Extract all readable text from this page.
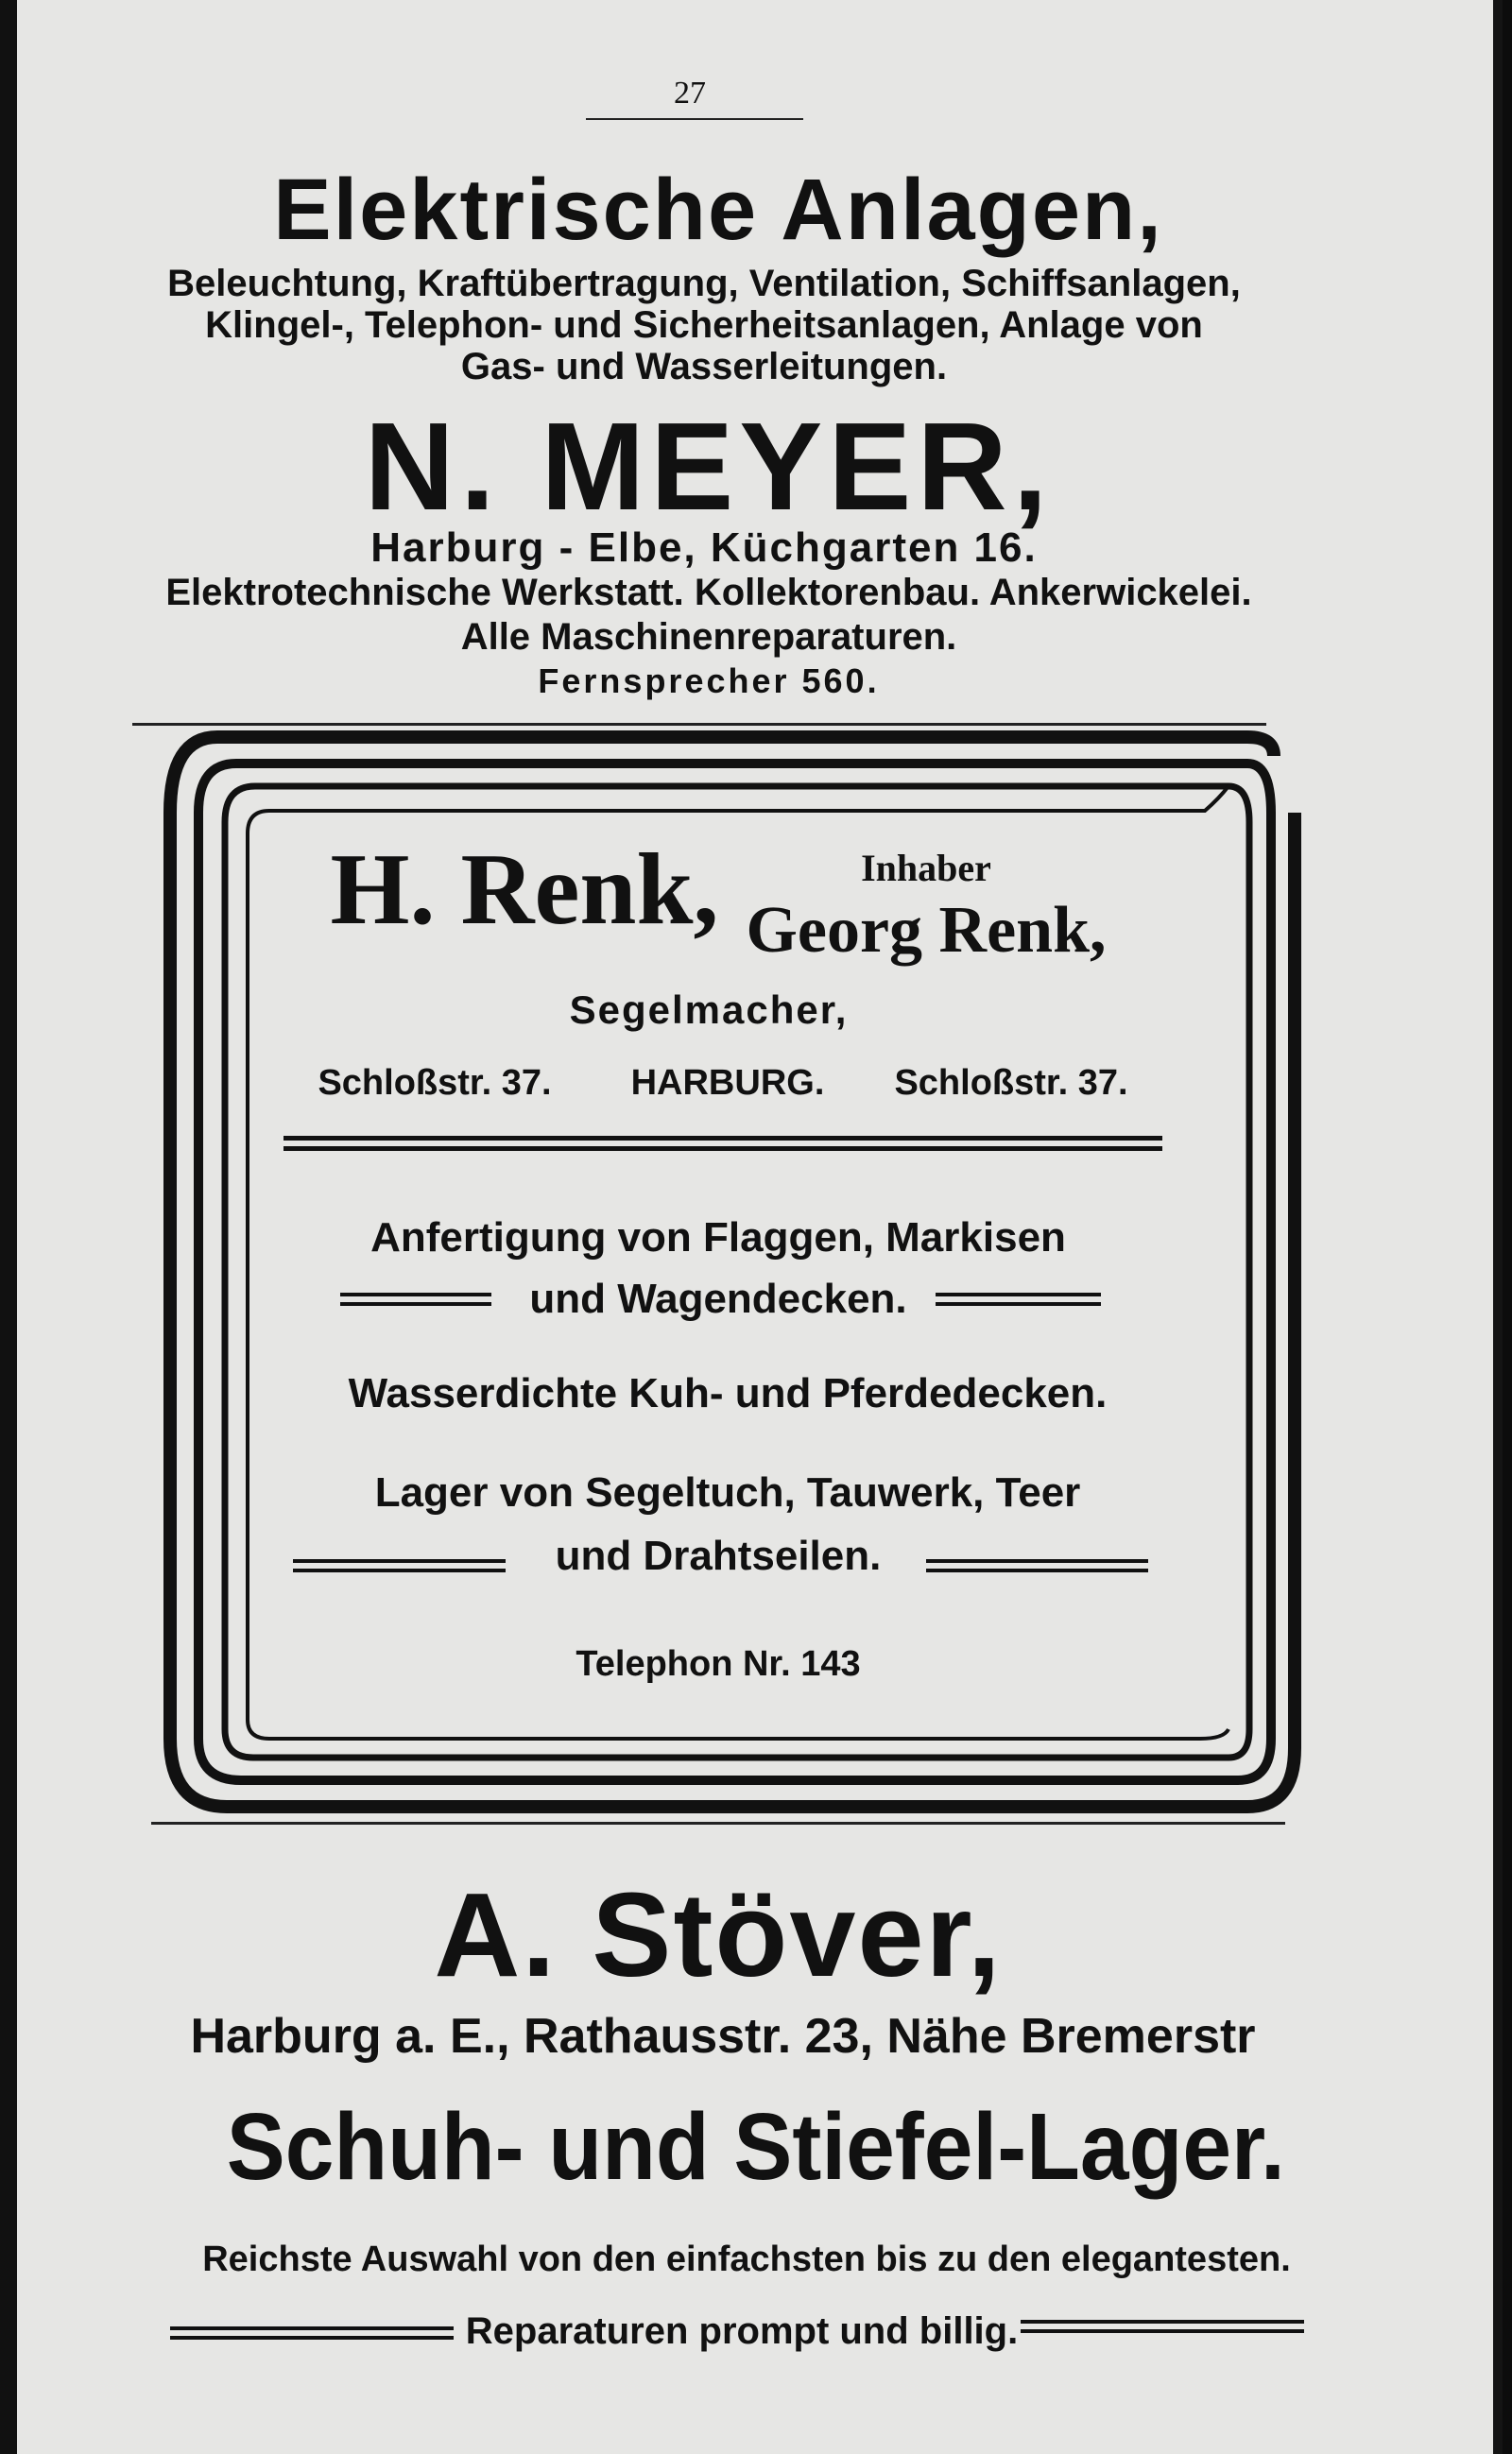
27
Elektrische Anlagen,
Beleuchtung, Kraftübertragung, Ventilation, Schiffsanlagen,
Klingel-, Telephon- und Sicherheitsanlagen, Anlage von
Gas- und Wasserleitungen.
N. MEYER,
Harburg - Elbe, Küchgarten 16.
Elektrotechnische Werkstatt. Kollektorenbau. Ankerwickelei.
Alle Maschinenreparaturen.
Fernsprecher 560.
H. Renk,	Inhaber
Georg Renk,
Segelmacher,
Schloßstr. 37.	HARBURG.	Schloßstr. 37.
Anfertigung von Flaggen, Markisen
und Wagendecken.
Wasserdichte Kuh- und Pferdedecken.
Lager von Segeltuch, Tauwerk, Teer
und Drahtseilen.
Telephon Nr. 143
A. Stöver,
Harburg a. E., Rathausstr. 23, Nähe Bremerstr
Schuh- und Stiefel-Lager.
Reichste Auswahl von den einfachsten bis zu den elegantesten.
Reparaturen prompt und billig.
